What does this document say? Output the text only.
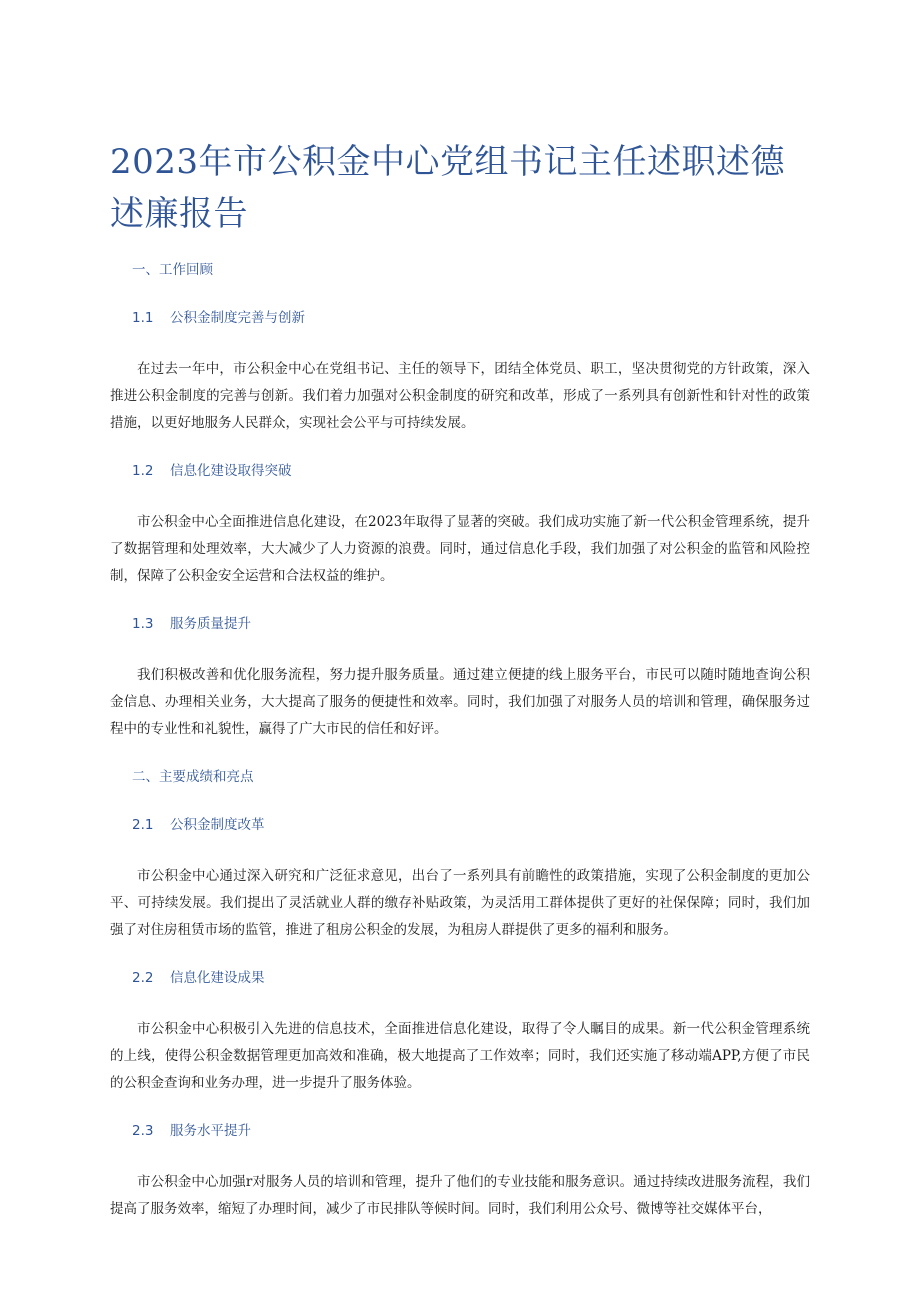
2023年市公积金中心党组书记主任述职述德述廉报告
一、工作回顾
1.1 公积金制度完善与创新

在过去一年中，市公积金中心在党组书记、主任的领导下，团结全体党员、职工，坚决贯彻党的方针政策，深入推进公积金制度的完善与创新。我们着力加强对公积金制度的研究和改革，形成了一系列具有创新性和针对性的政策措施，以更好地服务人民群众，实现社会公平与可持续发展。

1.2 信息化建设取得突破

市公积金中心全面推进信息化建设，在2023年取得了显著的突破。我们成功实施了新一代公积金管理系统，提升了数据管理和处理效率，大大减少了人力资源的浪费。同时，通过信息化手段，我们加强了对公积金的监管和风险控制，保障了公积金安全运营和合法权益的维护。

1.3 服务质量提升

我们积极改善和优化服务流程，努力提升服务质量。通过建立便捷的线上服务平台，市民可以随时随地查询公积金信息、办理相关业务，大大提高了服务的便捷性和效率。同时，我们加强了对服务人员的培训和管理，确保服务过程中的专业性和礼貌性，赢得了广大市民的信任和好评。

二、主要成绩和亮点
2.1 公积金制度改革

市公积金中心通过深入研究和广泛征求意见，出台了一系列具有前瞻性的政策措施，实现了公积金制度的更加公平、可持续发展。我们提出了灵活就业人群的缴存补贴政策，为灵活用工群体提供了更好的社保保障；同时，我们加强了对住房租赁市场的监管，推进了租房公积金的发展，为租房人群提供了更多的福利和服务。

2.2 信息化建设成果

市公积金中心积极引入先进的信息技术，全面推进信息化建设，取得了令人瞩目的成果。新一代公积金管理系统的上线，使得公积金数据管理更加高效和准确，极大地提高了工作效率；同时，我们还实施了移动端APP,方便了市民的公积金查询和业务办理，进一步提升了服务体验。

2.3 服务水平提升

市公积金中心加强r对服务人员的培训和管理，提升了他们的专业技能和服务意识。通过持续改进服务流程，我们提高了服务效率，缩短了办理时间，减少了市民排队等候时间。同时，我们利用公众号、微博等社交媒体平台，
